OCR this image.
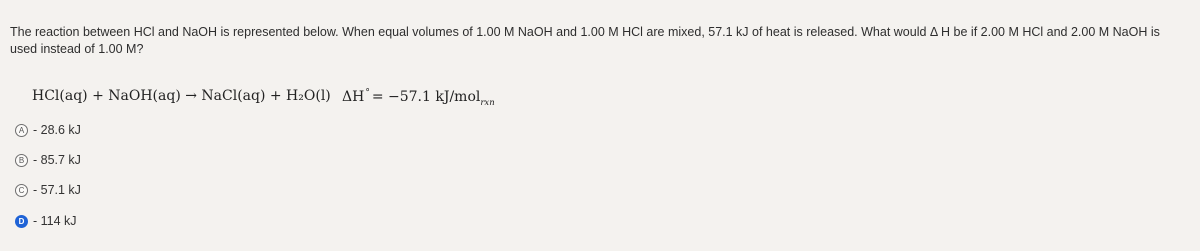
The reaction between HCl and NaOH is represented below. When equal volumes of 1.00 M NaOH and 1.00 M HCl are mixed, 57.1 kJ of heat is released. What would Δ H be if 2.00 M HCl and 2.00 M NaOH is used instead of 1.00 M?

HCl(aq) + NaOH(aq) → NaCl(aq) + H₂O(l) ΔH° = −57.1 kJ/mol$_{rxn}$
A - 28.6 kJ
B - 85.7 kJ
C - 57.1 kJ
D - 114 kJ
